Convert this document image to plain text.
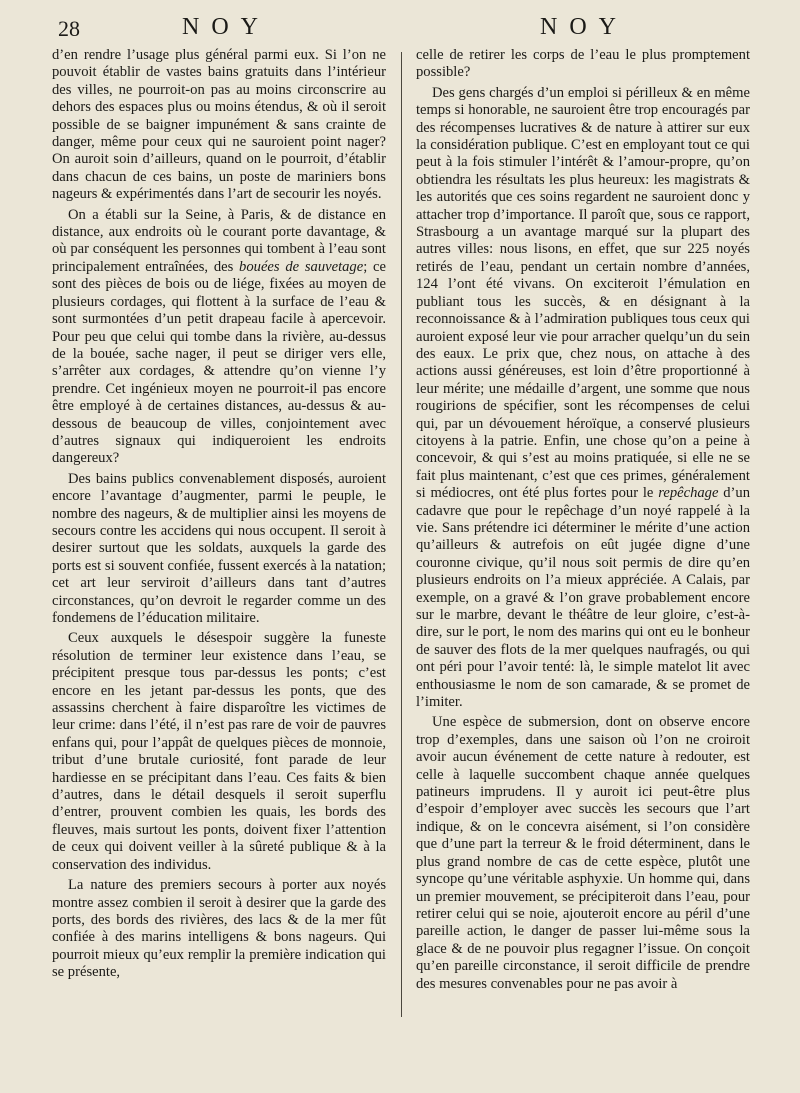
28	NOY	NOY

d’en rendre l’usage plus général parmi eux. Si l’on ne pouvoit établir de vastes bains gratuits dans l’intérieur des villes, ne pourroit-on pas au moins circonscrire au dehors des espaces plus ou moins étendus, & où il seroit possible de se baigner impunément & sans crainte de danger, même pour ceux qui ne sauroient point nager? On auroit soin d’ailleurs, quand on le pourroit, d’établir dans chacun de ces bains, un poste de mariniers bons nageurs & expérimentés dans l’art de secourir les noyés.

On a établi sur la Seine, à Paris, & de distance en distance, aux endroits où le courant porte davantage, & où par conséquent les personnes qui tombent à l’eau sont principalement entraînées, des bouées de sauvetage; ce sont des pièces de bois ou de liége, fixées au moyen de plusieurs cordages, qui flottent à la surface de l’eau & sont surmontées d’un petit drapeau facile à apercevoir. Pour peu que celui qui tombe dans la rivière, au-dessus de la bouée, sache nager, il peut se diriger vers elle, s’arrêter aux cordages, & attendre qu’on vienne l’y prendre. Cet ingénieux moyen ne pourroit-il pas encore être employé à de certaines distances, au-dessus & au-dessous de beaucoup de villes, conjointement avec d’autres signaux qui indiqueroient les endroits dangereux?

Des bains publics convenablement disposés, auroient encore l’avantage d’augmenter, parmi le peuple, le nombre des nageurs, & de multiplier ainsi les moyens de secours contre les accidens qui nous occupent. Il seroit à desirer surtout que les soldats, auxquels la garde des ports est si souvent confiée, fussent exercés à la natation; cet art leur serviroit d’ailleurs dans tant d’autres circonstances, qu’on devroit le regarder comme un des fondemens de l’éducation militaire.

Ceux auxquels le désespoir suggère la funeste résolution de terminer leur existence dans l’eau, se précipitent presque tous par-dessus les ponts; c’est encore en les jetant par-dessus les ponts, que des assassins cherchent à faire disparoître les victimes de leur crime: dans l’été, il n’est pas rare de voir de pauvres enfans qui, pour l’appât de quelques pièces de monnoie, tribut d’une brutale curiosité, font parade de leur hardiesse en se précipitant dans l’eau. Ces faits & bien d’autres, dans le détail desquels il seroit superflu d’entrer, prouvent combien les quais, les bords des fleuves, mais surtout les ponts, doivent fixer l’attention de ceux qui doivent veiller à la sûreté publique & à la conservation des individus.

La nature des premiers secours à porter aux noyés montre assez combien il seroit à desirer que la garde des ports, des bords des rivières, des lacs & de la mer fût confiée à des marins intelligens & bons nageurs. Qui pourroit mieux qu’eux remplir la première indication qui se présente,

celle de retirer les corps de l’eau le plus promptement possible?

Des gens chargés d’un emploi si périlleux & en même temps si honorable, ne sauroient être trop encouragés par des récompenses lucratives & de nature à attirer sur eux la considération publique. C’est en employant tout ce qui peut à la fois stimuler l’intérêt & l’amour-propre, qu’on obtiendra les résultats les plus heureux: les magistrats & les autorités que ces soins regardent ne sauroient donc y attacher trop d’importance. Il paroît que, sous ce rapport, Strasbourg a un avantage marqué sur la plupart des autres villes: nous lisons, en effet, que sur 225 noyés retirés de l’eau, pendant un certain nombre d’années, 124 l’ont été vivans. On exciteroit l’émulation en publiant tous les succès, & en désignant à la reconnoissance & à l’admiration publiques tous ceux qui auroient exposé leur vie pour arracher quelqu’un du sein des eaux. Le prix que, chez nous, on attache à des actions aussi généreuses, est loin d’être proportionné à leur mérite; une médaille d’argent, une somme que nous rougirions de spécifier, sont les récompenses de celui qui, par un dévouement héroïque, a conservé plusieurs citoyens à la patrie. Enfin, une chose qu’on a peine à concevoir, & qui s’est au moins pratiquée, si elle ne se fait plus maintenant, c’est que ces primes, généralement si médiocres, ont été plus fortes pour le repêchage d’un cadavre que pour le repêchage d’un noyé rappelé à la vie. Sans prétendre ici déterminer le mérite d’une action qu’ailleurs & autrefois on eût jugée digne d’une couronne civique, qu’il nous soit permis de dire qu’en plusieurs endroits on l’a mieux appréciée. A Calais, par exemple, on a gravé & l’on grave probablement encore sur le marbre, devant le théâtre de leur gloire, c’est-à-dire, sur le port, le nom des marins qui ont eu le bonheur de sauver des flots de la mer quelques naufragés, ou qui ont péri pour l’avoir tenté: là, le simple matelot lit avec enthousiasme le nom de son camarade, & se promet de l’imiter.

Une espèce de submersion, dont on observe encore trop d’exemples, dans une saison où l’on ne croiroit avoir aucun événement de cette nature à redouter, est celle à laquelle succombent chaque année quelques patineurs imprudens. Il y auroit ici peut-être plus d’espoir d’employer avec succès les secours que l’art indique, & on le concevra aisément, si l’on considère que d’une part la terreur & le froid déterminent, dans le plus grand nombre de cas de cette espèce, plutôt une syncope qu’une véritable asphyxie. Un homme qui, dans un premier mouvement, se précipiteroit dans l’eau, pour retirer celui qui se noie, ajouteroit encore au péril d’une pareille action, le danger de passer lui-même sous la glace & de ne pouvoir plus regagner l’issue. On conçoit qu’en pareille circonstance, il seroit difficile de prendre des mesures convenables pour ne pas avoir à
